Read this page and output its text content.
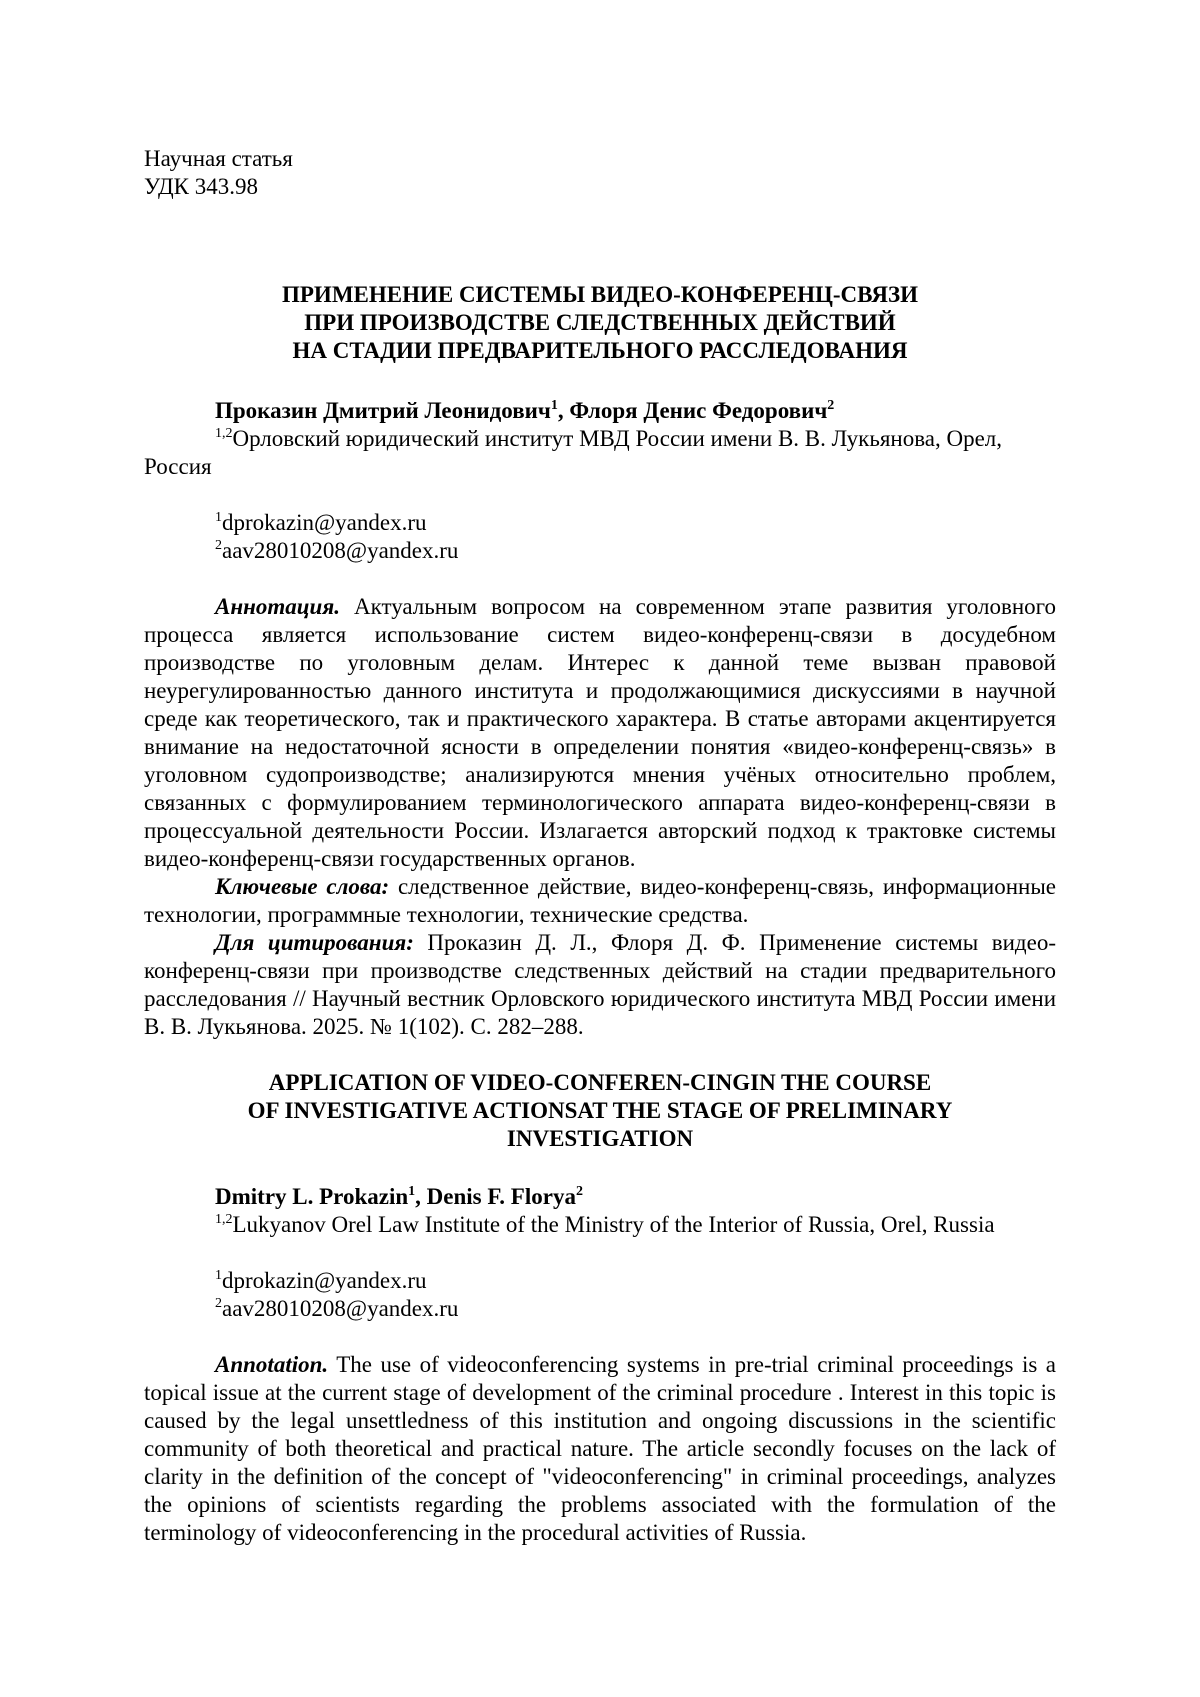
Научная статья
УДК 343.98
ПРИМЕНЕНИЕ СИСТЕМЫ ВИДЕО-КОНФЕРЕНЦ-СВЯЗИ
ПРИ ПРОИЗВОДСТВЕ СЛЕДСТВЕННЫХ ДЕЙСТВИЙ
НА СТАДИИ ПРЕДВАРИТЕЛЬНОГО РАССЛЕДОВАНИЯ
Проказин Дмитрий Леонидович$^1$, Флоря Денис Федорович$^2$

$^{1,2}$Орловский юридический институт МВД России имени В. В. Лукьянова, Орел, Россия

$^1$dprokazin@yandex.ru
$^2$aav28010208@yandex.ru

Аннотация. Актуальным вопросом на современном этапе развития уголовного процесса является использование систем видео-конференц-связи в досудебном производстве по уголовным делам. Интерес к данной теме вызван правовой неурегулированностью данного института и продолжающимися дискуссиями в научной среде как теоретического, так и практического характера. В статье авторами акцентируется внимание на недостаточной ясности в определении понятия «видео-конференц-связь» в уголовном судопроизводстве; анализируются мнения учёных относительно проблем, связанных с формулированием терминологического аппарата видео-конференц-связи в процессуальной деятельности России. Излагается авторский подход к трактовке системы видео-конференц-связи государственных органов.

Ключевые слова: следственное действие, видео-конференц-связь, информационные технологии, программные технологии, технические средства.

Для цитирования: Проказин Д. Л., Флоря Д. Ф. Применение системы видео-конференц-связи при производстве следственных действий на стадии предварительного расследования // Научный вестник Орловского юридического института МВД России имени В. В. Лукьянова. 2025. № 1(102). С. 282–288.

APPLICATION OF VIDEO-CONFEREN-CINGIN THE COURSE
OF INVESTIGATIVE ACTIONSAT THE STAGE OF PRELIMINARY
INVESTIGATION
Dmitry L. Prokazin$^1$, Denis F. Florya$^2$

$^{1,2}$Lukyanov Orel Law Institute of the Ministry of the Interior of Russia, Orel, Russia

$^1$dprokazin@yandex.ru
$^2$aav28010208@yandex.ru

Annotation. The use of videoconferencing systems in pre-trial criminal proceedings is a topical issue at the current stage of development of the criminal procedure . Interest in this topic is caused by the legal unsettledness of this institution and ongoing discussions in the scientific community of both theoretical and practical nature. The article secondly focuses on the lack of clarity in the definition of the concept of "videoconferencing" in criminal proceedings, analyzes the opinions of scientists regarding the problems associated with the formulation of the terminology of videoconferencing in the procedural activities of Russia.
